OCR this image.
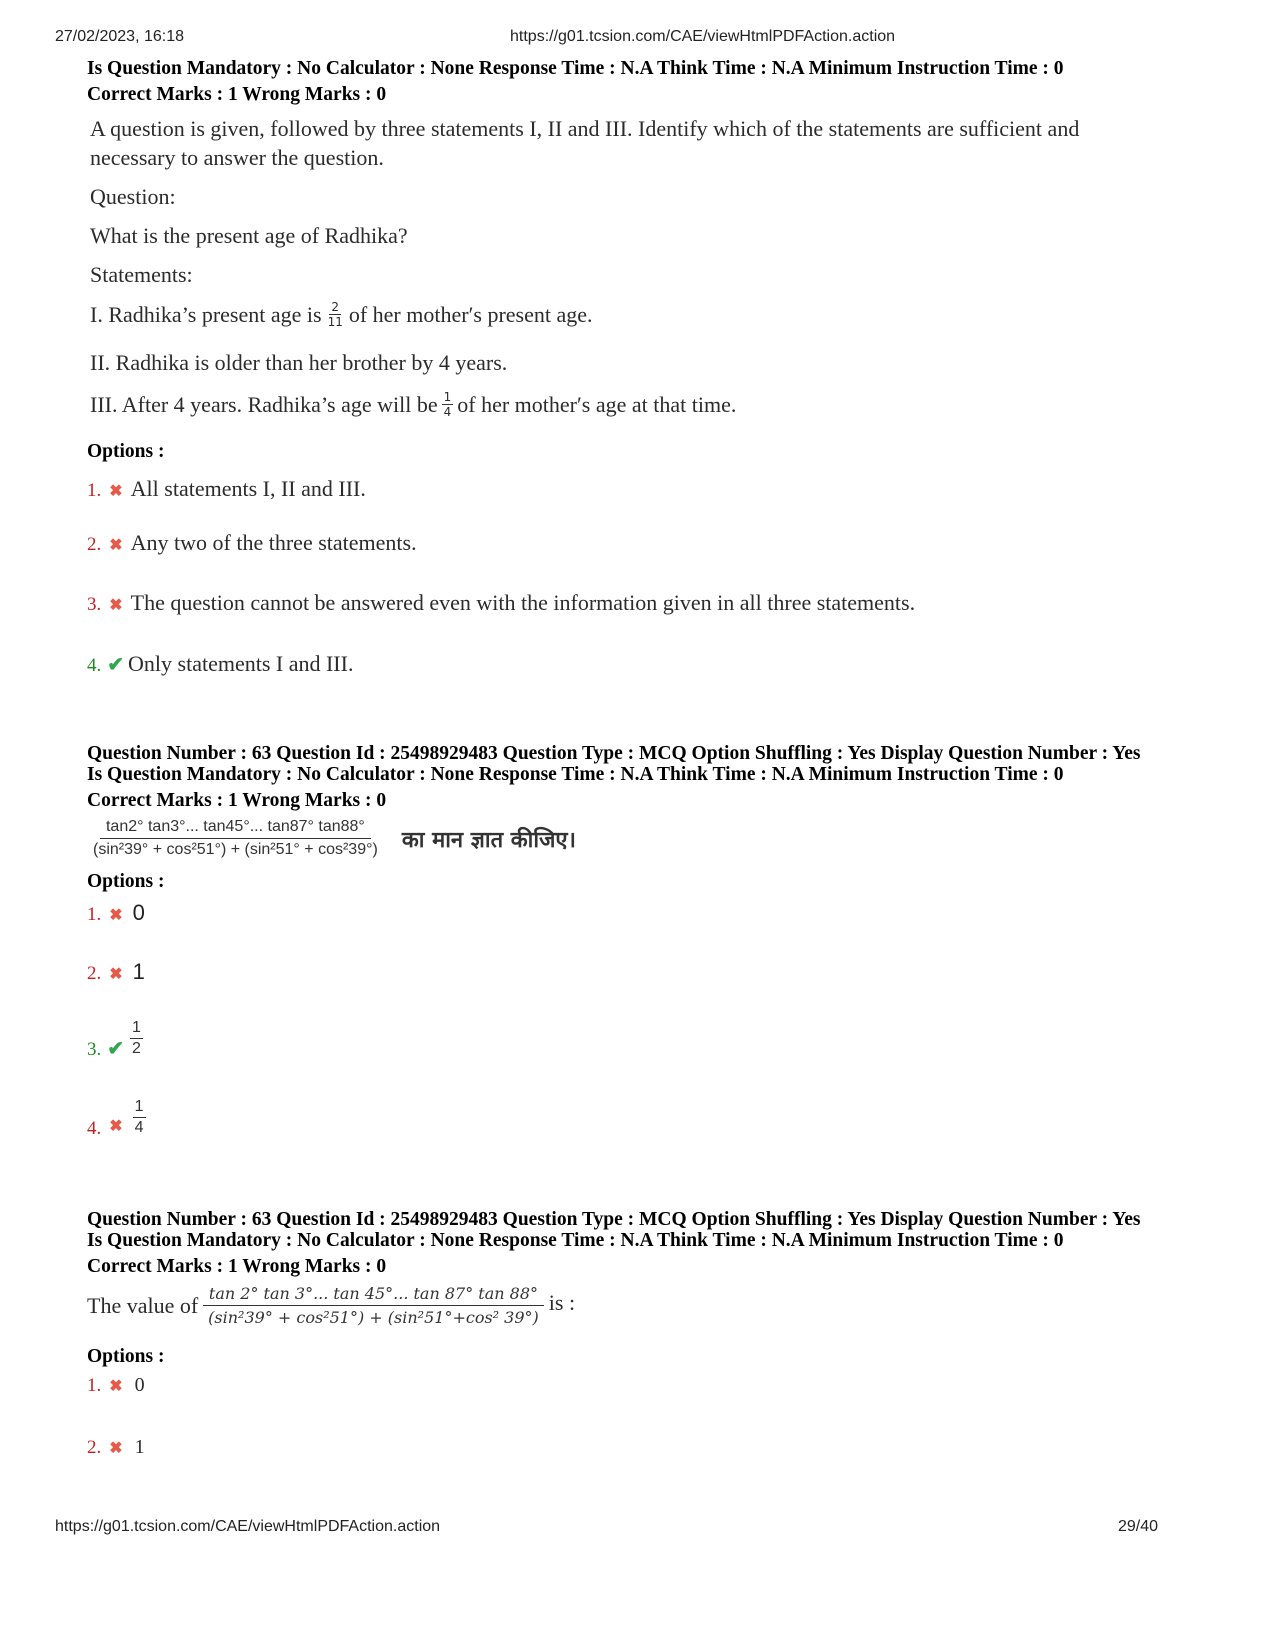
27/02/2023, 16:18	https://g01.tcsion.com/CAE/viewHtmlPDFAction.action
Is Question Mandatory : No Calculator : None Response Time : N.A Think Time : N.A Minimum Instruction Time : 0
Correct Marks : 1 Wrong Marks : 0
A question is given, followed by three statements I, II and III. Identify which of the statements are sufficient and
necessary to answer the question.
Question:
What is the present age of Radhika?
Statements:
I. Radhika’s present age is $\frac{2}{11}$ of her mother′s present age.
II. Radhika is older than her brother by 4 years.
III. After 4 years. Radhika’s age will be $\frac{1}{4}$ of her mother′s age at that time.
Options :
1. ✖ All statements I, II and III.
2. ✖ Any two of the three statements.
3. ✖ The question cannot be answered even with the information given in all three statements.
4. ✔ Only statements I and III.
Question Number : 63 Question Id : 25498929483 Question Type : MCQ Option Shuffling : Yes Display Question Number : Yes
Is Question Mandatory : No Calculator : None Response Time : N.A Think Time : N.A Minimum Instruction Time : 0
Correct Marks : 1 Wrong Marks : 0
$\frac{\tan 2^\circ \tan 3^\circ... \tan 45^\circ... \tan 87^\circ \tan 88^\circ}{\text{(sin²39° + cos²51°) + (sin²51° + cos²39°)}}$ का मान ज्ञात कीजिए।
Options :
1. ✖ 0
2. ✖ 1
3. ✔ $\frac{1}{2}$
4. ✖ $\frac{1}{4}$
Question Number : 63 Question Id : 25498929483 Question Type : MCQ Option Shuffling : Yes Display Question Number : Yes
Is Question Mandatory : No Calculator : None Response Time : N.A Think Time : N.A Minimum Instruction Time : 0
Correct Marks : 1 Wrong Marks : 0
The value of $\frac{\tan 2^\circ \tan 3^\circ... \tan 45^\circ... \tan 87^\circ \tan 88^\circ}{\text{(sin²39° + cos²51°) + (sin²51°+cos² 39°)}}$ is :
Options :
1. ✖ 0
2. ✖ 1
https://g01.tcsion.com/CAE/viewHtmlPDFAction.action	29/40
